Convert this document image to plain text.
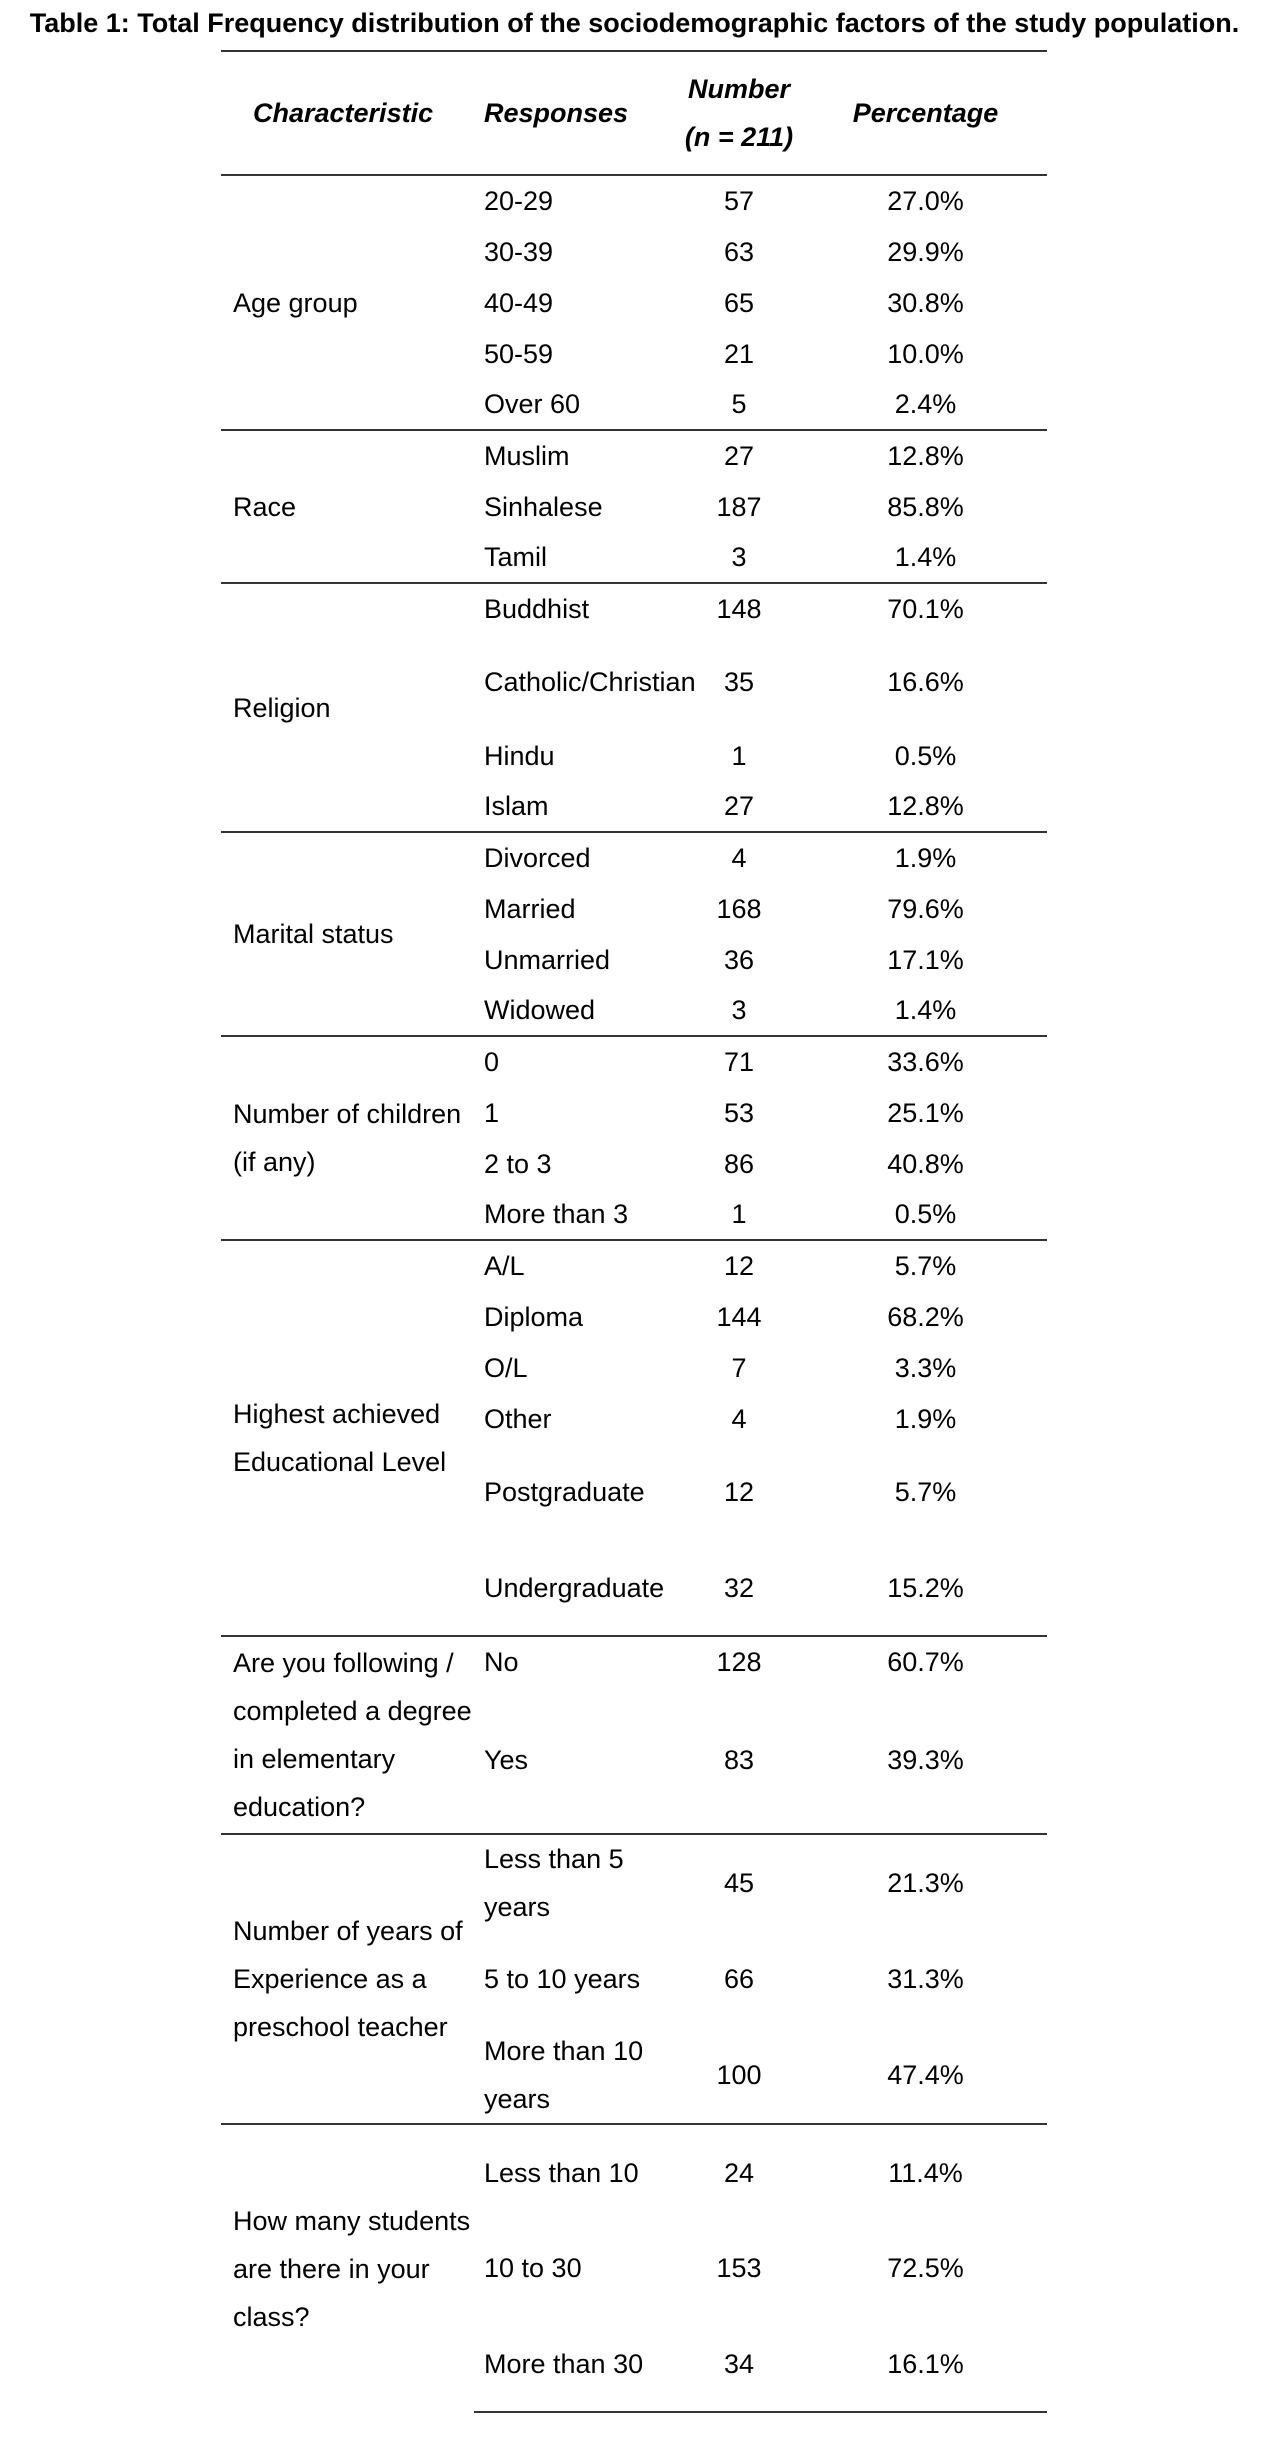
Table 1: Total Frequency distribution of the sociodemographic factors of the study population.
Characteristic	Responses	Number (n = 211)	Percentage
Age group	20-29	57	27.0%
	30-39	63	29.9%
	40-49	65	30.8%
	50-59	21	10.0%
	Over 60	5	2.4%
Race	Muslim	27	12.8%
	Sinhalese	187	85.8%
	Tamil	3	1.4%
Religion	Buddhist	148	70.1%
	Catholic/Christian	35	16.6%
	Hindu	1	0.5%
	Islam	27	12.8%
Marital status	Divorced	4	1.9%
	Married	168	79.6%
	Unmarried	36	17.1%
	Widowed	3	1.4%
Number of children (if any)	0	71	33.6%
	1	53	25.1%
	2 to 3	86	40.8%
	More than 3	1	0.5%
Highest achieved Educational Level	A/L	12	5.7%
	Diploma	144	68.2%
	O/L	7	3.3%
	Other	4	1.9%
	Postgraduate	12	5.7%
	Undergraduate	32	15.2%
Are you following / completed a degree in elementary education?	No	128	60.7%
	Yes	83	39.3%
Number of years of Experience as a preschool teacher	Less than 5 years	45	21.3%
	5 to 10 years	66	31.3%
	More than 10 years	100	47.4%
How many students are there in your class?	Less than 10	24	11.4%
	10 to 30	153	72.5%
	More than 30	34	16.1%
